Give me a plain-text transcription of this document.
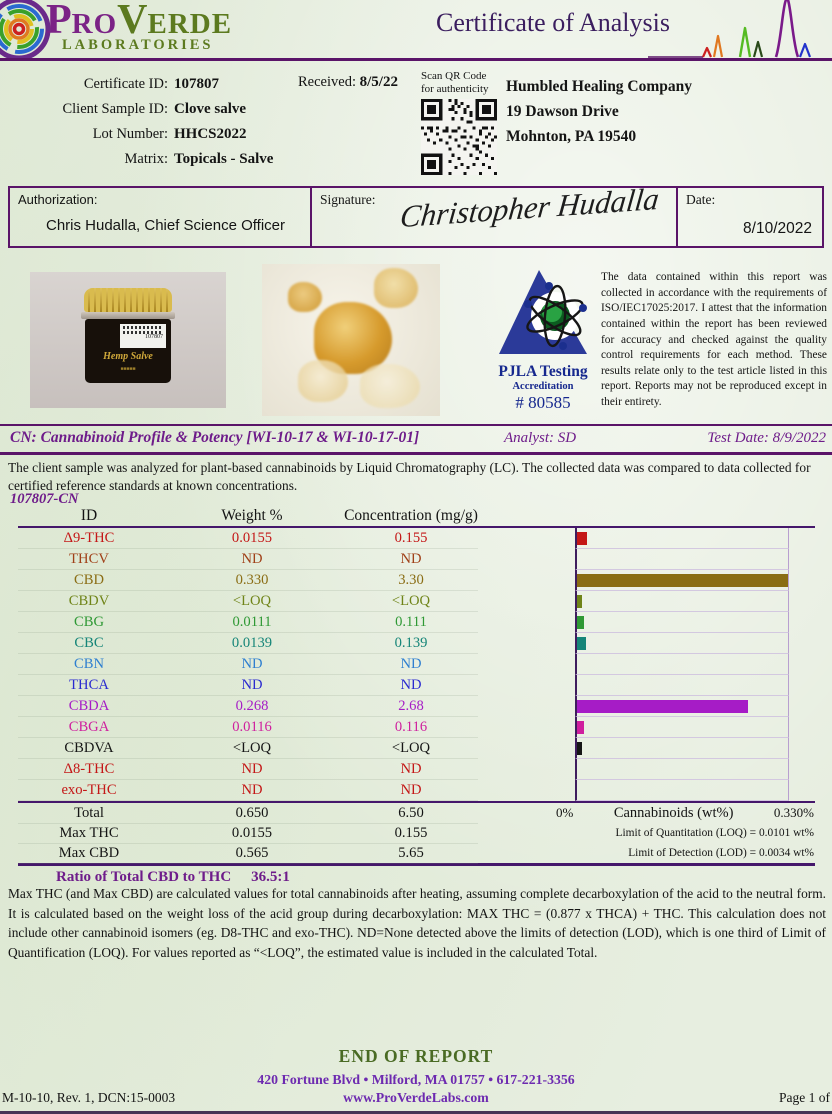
PROVERDE
LABORATORIES
Certificate of Analysis
Certificate ID: 107807
Client Sample ID: Clove salve
Lot Number: HHCS2022
Matrix: Topicals - Salve
Received: 8/5/22 Scan QR Code
for authenticity Humbled Healing Company
19 Dawson Drive
Mohnton, PA 19540
Authorization:
Chris Hudalla, Chief Science Officer
Signature: Christopher Hudalla Date:
8/10/2022
107807
Hemp Salve
■■■■■	PJLA Testing
Accreditation
# 80585
The data contained within this report was collected in accordance with the requirements of ISO/IEC17025:2017. I attest that the information contained within the report has been reviewed for accuracy and checked against the quality control requirements for each method. These results relate only to the test article listed in this report. Reports may not be reproduced except in their entirety.
CN: Cannabinoid Profile & Potency [WI-10-17 & WI-10-17-01]	Analyst: SD	Test Date: 8/9/2022
The client sample was analyzed for plant-based cannabinoids by Liquid Chromatography (LC). The collected data was compared to data collected for certified reference standards at known concentrations.
107807-CN
ID	Weight %	Concentration (mg/g)
Δ9-THC	0.0155	0.155
THCV	ND	ND
CBD	0.330	3.30
CBDV	<LOQ	<LOQ
CBG	0.0111	0.111
CBC	0.0139	0.139
CBN	ND	ND
THCA	ND	ND
CBDA	0.268	2.68
CBGA	0.0116	0.116
CBDVA	<LOQ	<LOQ
Δ8-THC	ND	ND
exo-THC	ND	ND
Total	0.650	6.50
Max THC	0.0155	0.155
Max CBD	0.565	5.65
0%	Cannabinoids (wt%)	0.330%
Limit of Quantitation (LOQ) = 0.0101 wt%
Limit of Detection (LOD) = 0.0034 wt%
Ratio of Total CBD to THC 36.5:1
Max THC (and Max CBD) are calculated values for total cannabinoids after heating, assuming complete decarboxylation of the acid to the neutral form. It is calculated based on the weight loss of the acid group during decarboxylation: MAX THC = (0.877 x THCA) + THC. This calculation does not include other cannabinoid isomers (eg. D8-THC and exo-THC). ND=None detected above the limits of detection (LOD), which is one third of Limit of Quantification (LOQ). For values reported as “<LOQ”, the estimated value is included in the calculated Total.
END OF REPORT
420 Fortune Blvd • Milford, MA 01757 • 617-221-3356
www.ProVerdeLabs.com
M-10-10, Rev. 1, DCN:15-0003	Page 1 of
